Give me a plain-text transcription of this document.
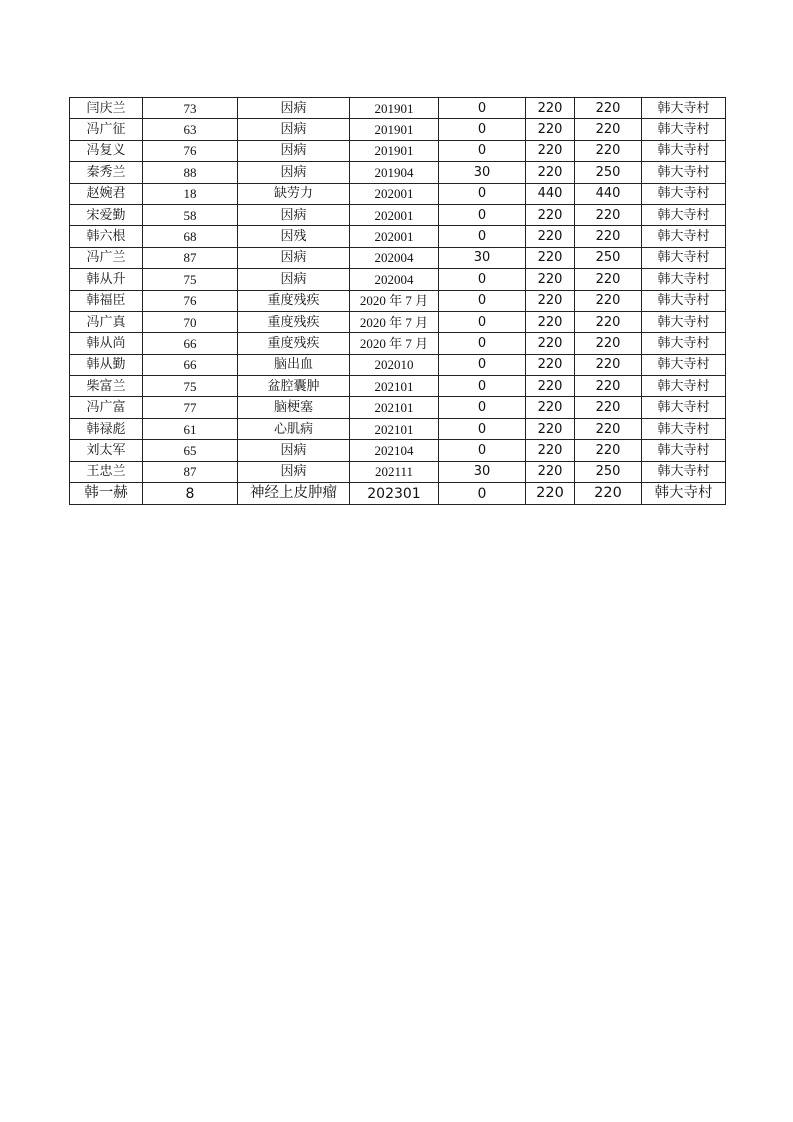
闫庆兰	73	因病	201901	0	220	220	韩大寺村
冯广征	63	因病	201901	0	220	220	韩大寺村
冯复义	76	因病	201901	0	220	220	韩大寺村
秦秀兰	88	因病	201904	30	220	250	韩大寺村
赵婉君	18	缺劳力	202001	0	440	440	韩大寺村
宋爱勤	58	因病	202001	0	220	220	韩大寺村
韩六根	68	因残	202001	0	220	220	韩大寺村
冯广兰	87	因病	202004	30	220	250	韩大寺村
韩从升	75	因病	202004	0	220	220	韩大寺村
韩福臣	76	重度残疾	2020 年 7 月	0	220	220	韩大寺村
冯广真	70	重度残疾	2020 年 7 月	0	220	220	韩大寺村
韩从尚	66	重度残疾	2020 年 7 月	0	220	220	韩大寺村
韩从勤	66	脑出血	202010	0	220	220	韩大寺村
柴富兰	75	盆腔囊肿	202101	0	220	220	韩大寺村
冯广富	77	脑梗塞	202101	0	220	220	韩大寺村
韩禄彪	61	心肌病	202101	0	220	220	韩大寺村
刘太军	65	因病	202104	0	220	220	韩大寺村
王忠兰	87	因病	202111	30	220	250	韩大寺村
韩一赫	8	神经上皮肿瘤	202301	0	220	220	韩大寺村
